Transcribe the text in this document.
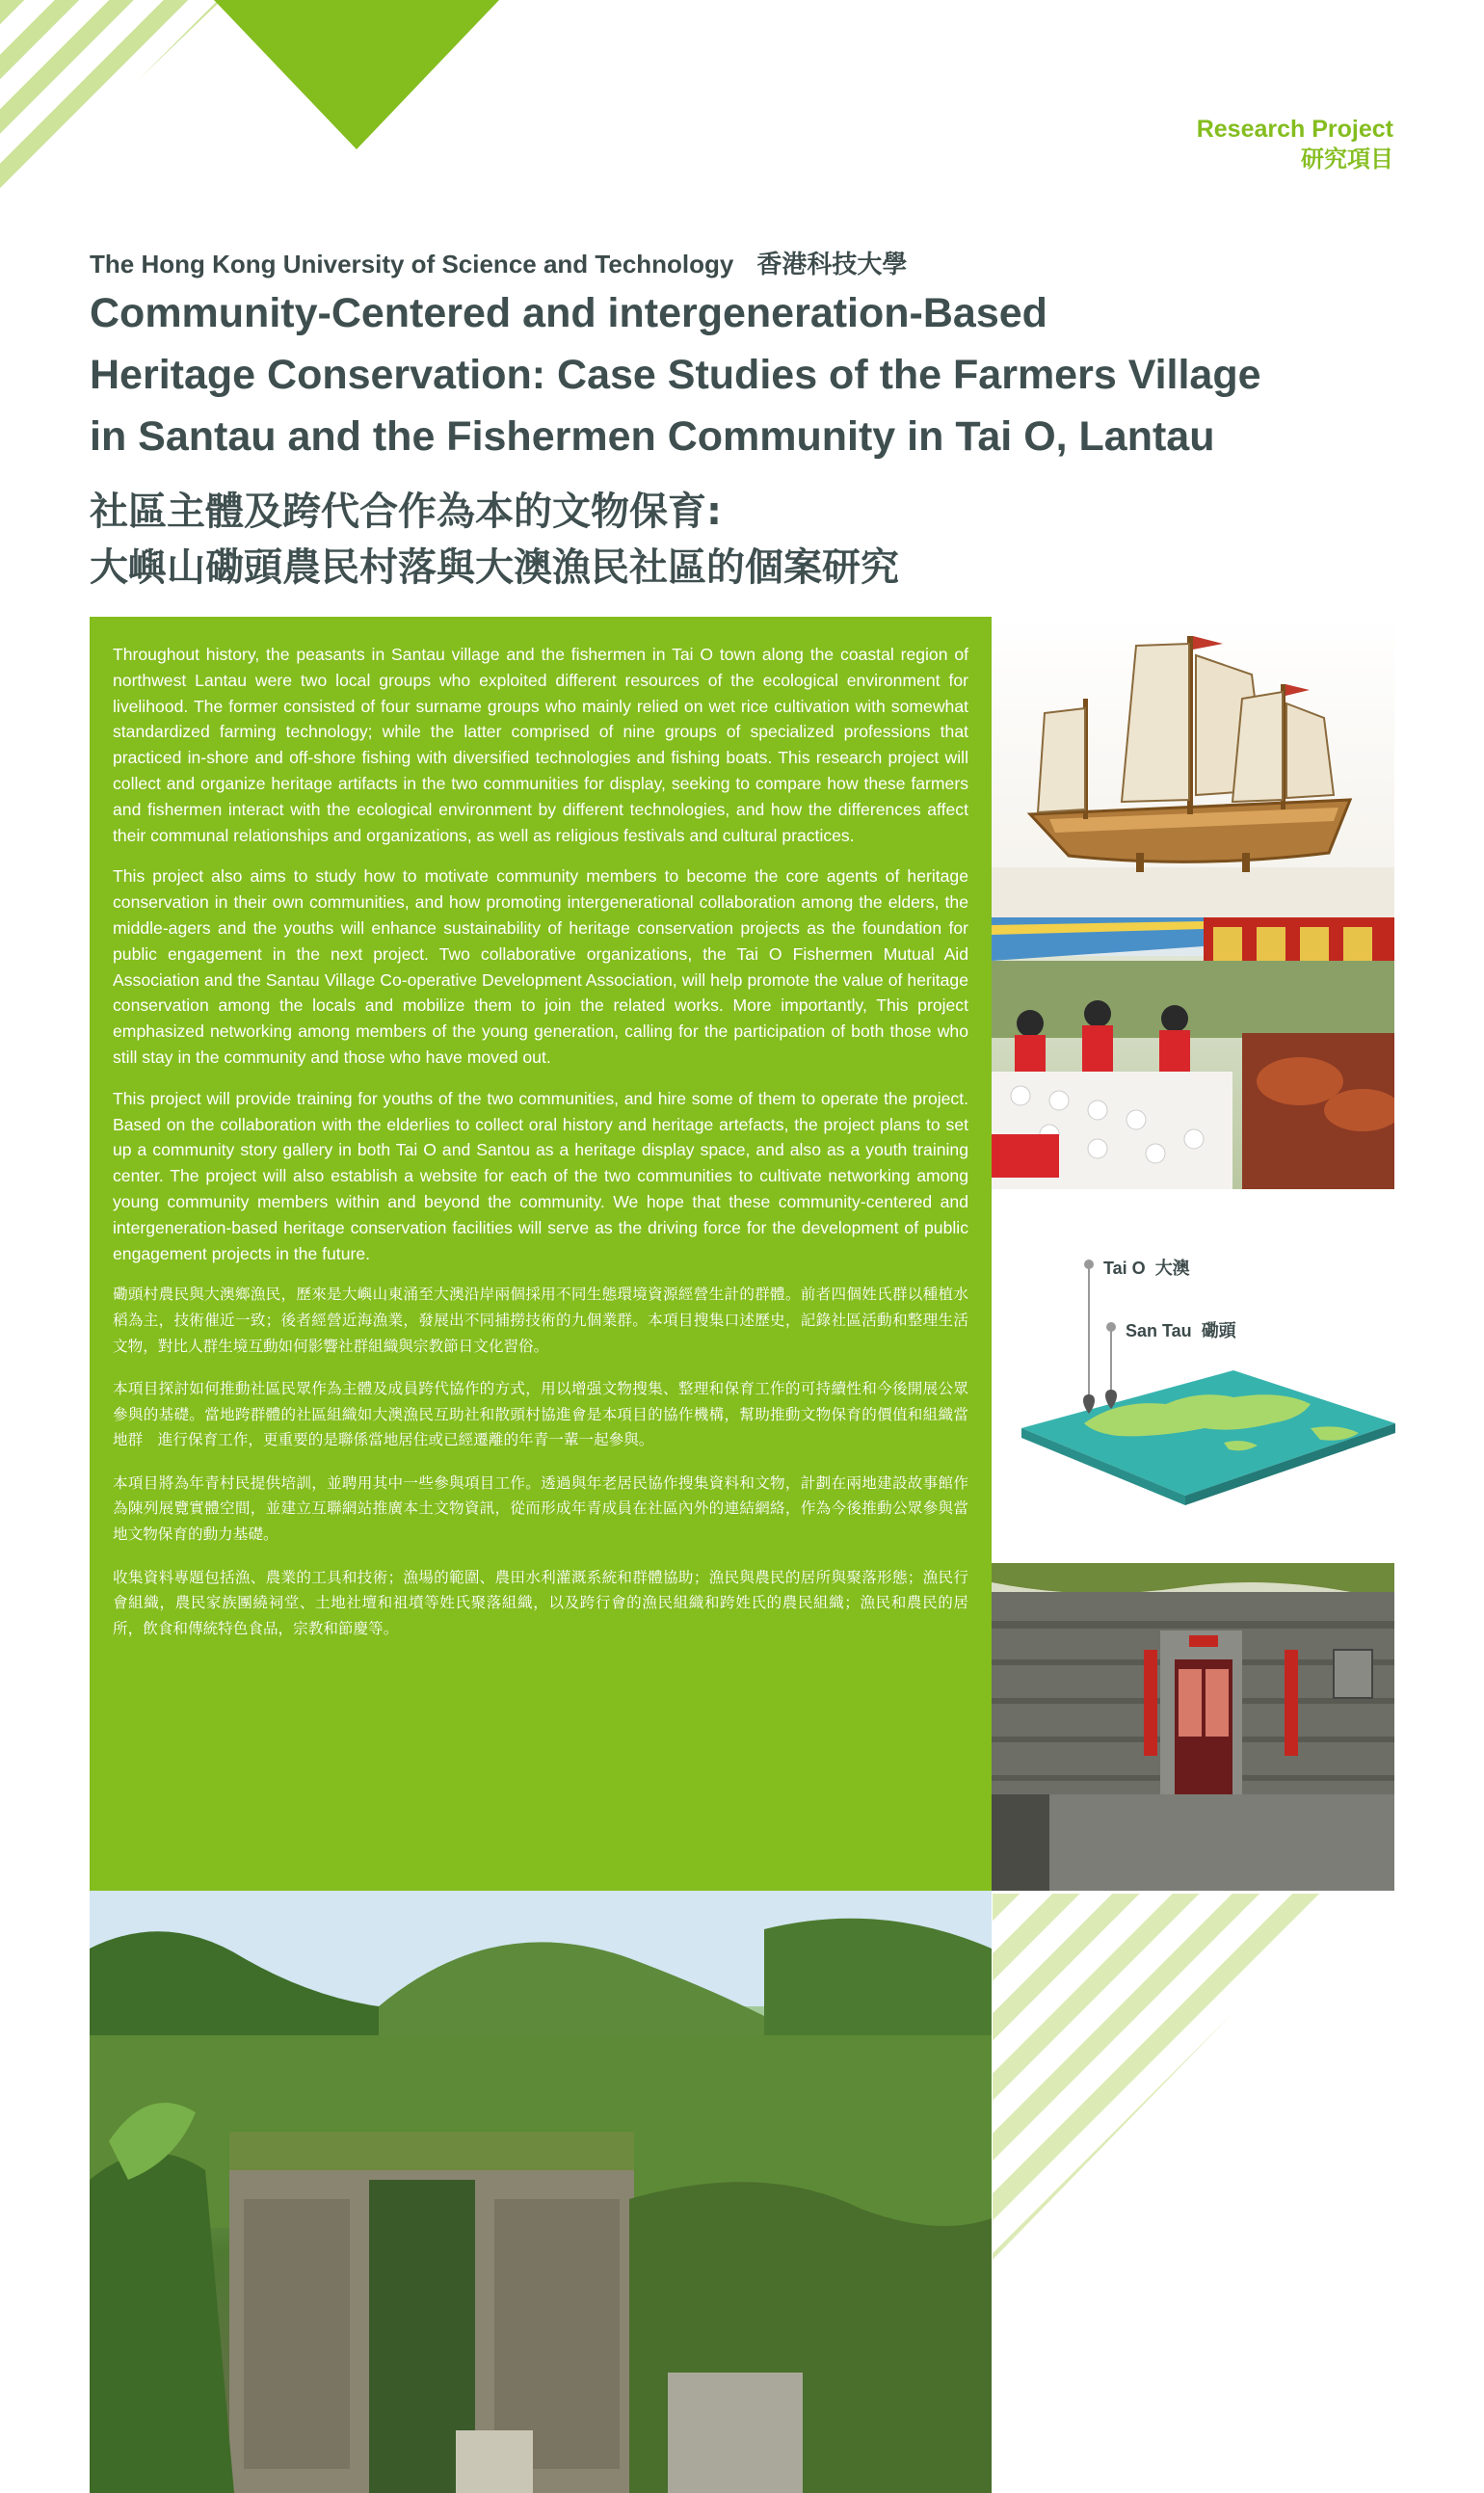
Research Project
研究項目
The Hong Kong University of Science and Technology 香港科技大學
Community-Centered and intergeneration-Based
Heritage Conservation: Case Studies of the Farmers Village
in Santau and the Fishermen Community in Tai O, Lantau
社區主體及跨代合作為本的文物保育:
大嶼山磡頭農民村落與大澳漁民社區的個案研究

Throughout history, the peasants in Santau village and the fishermen in Tai O town along the coastal region of northwest Lantau were two local groups who exploited different resources of the ecological environment for livelihood. The former consisted of four surname groups who mainly relied on wet rice cultivation with somewhat standardized farming technology; while the latter comprised of nine groups of specialized professions that practiced in-shore and off-shore fishing with diversified technologies and fishing boats. This research project will collect and organize heritage artifacts in the two communities for display, seeking to compare how these farmers and fishermen interact with the ecological environment by different technologies, and how the differences affect their communal relationships and organizations, as well as religious festivals and cultural practices.

This project also aims to study how to motivate community members to become the core agents of heritage conservation in their own communities, and how promoting intergenerational collaboration among the elders, the middle-agers and the youths will enhance sustainability of heritage conservation projects as the foundation for public engagement in the next project. Two collaborative organizations, the Tai O Fishermen Mutual Aid Association and the Santau Village Co-operative Development Association, will help promote the value of heritage conservation among the locals and mobilize them to join the related works. More importantly, This project emphasized networking among members of the young generation, calling for the participation of both those who still stay in the community and those who have moved out.

This project will provide training for youths of the two communities, and hire some of them to operate the project. Based on the collaboration with the elderlies to collect oral history and heritage artefacts, the project plans to set up a community story gallery in both Tai O and Santou as a heritage display space, and also as a youth training center. The project will also establish a website for each of the two communities to cultivate networking among young community members within and beyond the community. We hope that these community-centered and intergeneration-based heritage conservation facilities will serve as the driving force for the development of public engagement projects in the future.

磡頭村農民與大澳鄉漁民，歷來是大嶼山東涌至大澳沿岸兩個採用不同生態環境資源經營生計的群體。前者四個姓氏群以種植水稻為主，技術催近一致；後者經營近海漁業，發展出不同捕撈技術的九個業群。本項目搜集口述歷史，記錄社區活動和整理生活文物，對比人群生境互動如何影響社群組織與宗教節日文化習俗。

本項目探討如何推動社區民眾作為主體及成員跨代協作的方式，用以增强文物搜集、整理和保育工作的可持續性和今後開展公眾參與的基礎。當地跨群體的社區組織如大澳漁民互助社和散頭村協進會是本項目的協作機構，幫助推動文物保育的價值和組織當地群　進行保育工作，更重要的是聯係當地居住或已經遷離的年青一輩一起參與。

本項目將為年青村民提供培訓，並聘用其中一些參與項目工作。透過與年老居民協作搜集資料和文物，計劃在兩地建設故事館作為陳列展覽實體空間，並建立互聯網站推廣本土文物資訊，從而形成年青成員在社區內外的連結網絡，作為今後推動公眾參與當地文物保育的動力基礎。

收集資料專題包括漁、農業的工具和技術；漁場的範圍、農田水利灌溉系統和群體協助；漁民與農民的居所與聚落形態；漁民行會組織，農民家族團繞祠堂、土地社壇和祖墳等姓氏聚落組織，以及跨行會的漁民組織和跨姓氏的農民組織；漁民和農民的居所，飲食和傳統特色食品，宗教和節慶等。

Tai O 大澳
San Tau 磡頭
